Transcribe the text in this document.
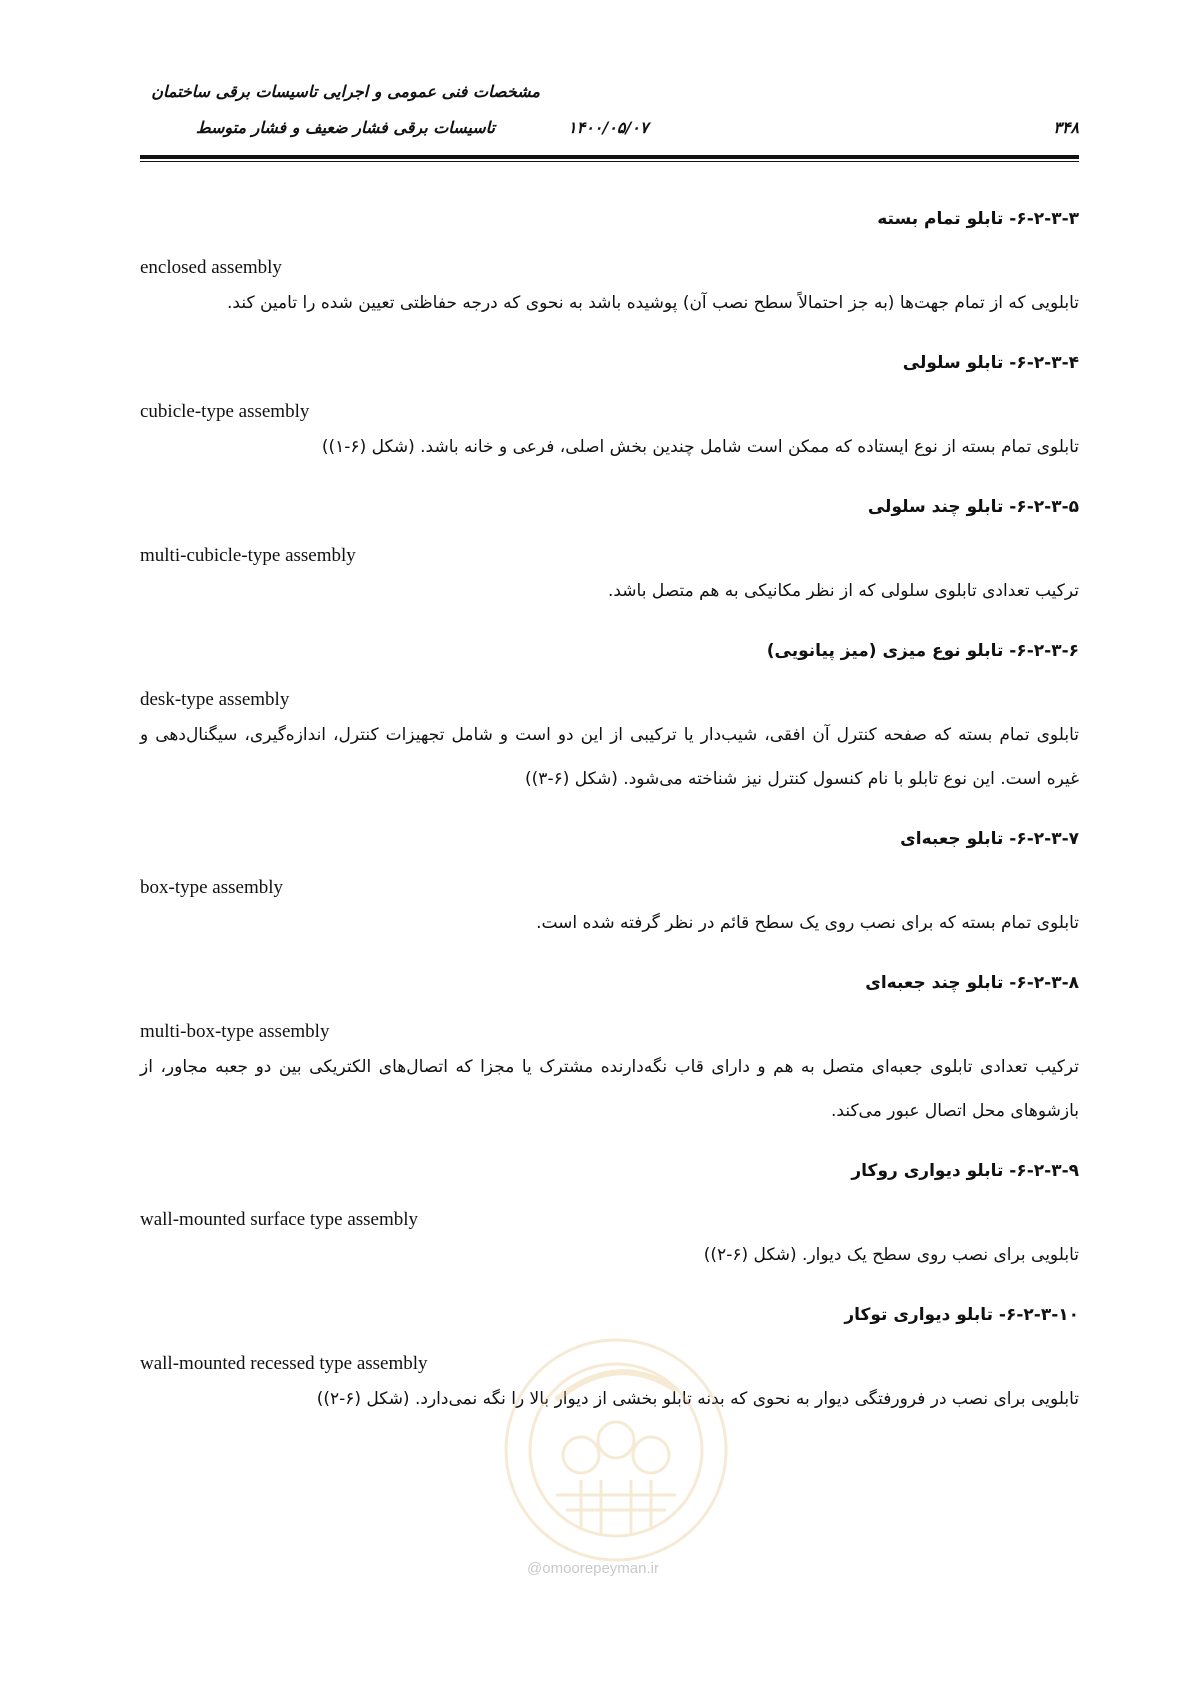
مشخصات فنی عمومی و اجرایی تاسیسات برقی ساختمان
تاسیسات برقی فشار ضعیف و فشار متوسط	۱۴۰۰/۰۵/۰۷	۳۴۸
۶-۲-۳-۳- تابلو تمام بسته
enclosed assembly
تابلویی که از تمام جهت‌ها (به جز احتمالاً سطح نصب آن) پوشیده باشد به نحوی که درجه حفاظتی تعیین شده را تامین کند.
۶-۲-۳-۴- تابلو سلولی
cubicle-type assembly
تابلوی تمام بسته از نوع ایستاده که ممکن است شامل چندین بخش اصلی، فرعی و خانه باشد. (شکل (۶-۱))
۶-۲-۳-۵- تابلو چند سلولی
multi-cubicle-type assembly
ترکیب تعدادی تابلوی سلولی که از نظر مکانیکی به هم متصل باشد.
۶-۲-۳-۶- تابلو نوع میزی (میز پیانویی)
desk-type assembly
تابلوی تمام بسته که صفحه کنترل آن افقی، شیب‌دار یا ترکیبی از این دو است و شامل تجهیزات کنترل، اندازه‌گیری، سیگنال‌دهی و غیره است. این نوع تابلو با نام کنسول کنترل نیز شناخته می‌شود. (شکل (۶-۳))
۶-۲-۳-۷- تابلو جعبه‌ای
box-type assembly
تابلوی تمام بسته که برای نصب روی یک سطح قائم در نظر گرفته شده است.
۶-۲-۳-۸- تابلو چند جعبه‌ای
multi-box-type assembly
ترکیب تعدادی تابلوی جعبه‌ای متصل به هم و دارای قاب نگه‌دارنده مشترک یا مجزا که اتصال‌های الکتریکی بین دو جعبه مجاور، از بازشوهای محل اتصال عبور می‌کند.
۶-۲-۳-۹- تابلو دیواری روکار
wall-mounted surface type assembly
تابلویی برای نصب روی سطح یک دیوار. (شکل (۶-۲))
۶-۲-۳-۱۰- تابلو دیواری توکار
wall-mounted recessed type assembly
تابلویی برای نصب در فرورفتگی دیوار به نحوی که بدنه تابلو بخشی از دیوار بالا را نگه نمی‌دارد. (شکل (۶-۲))
@omoorepeyman.ir
